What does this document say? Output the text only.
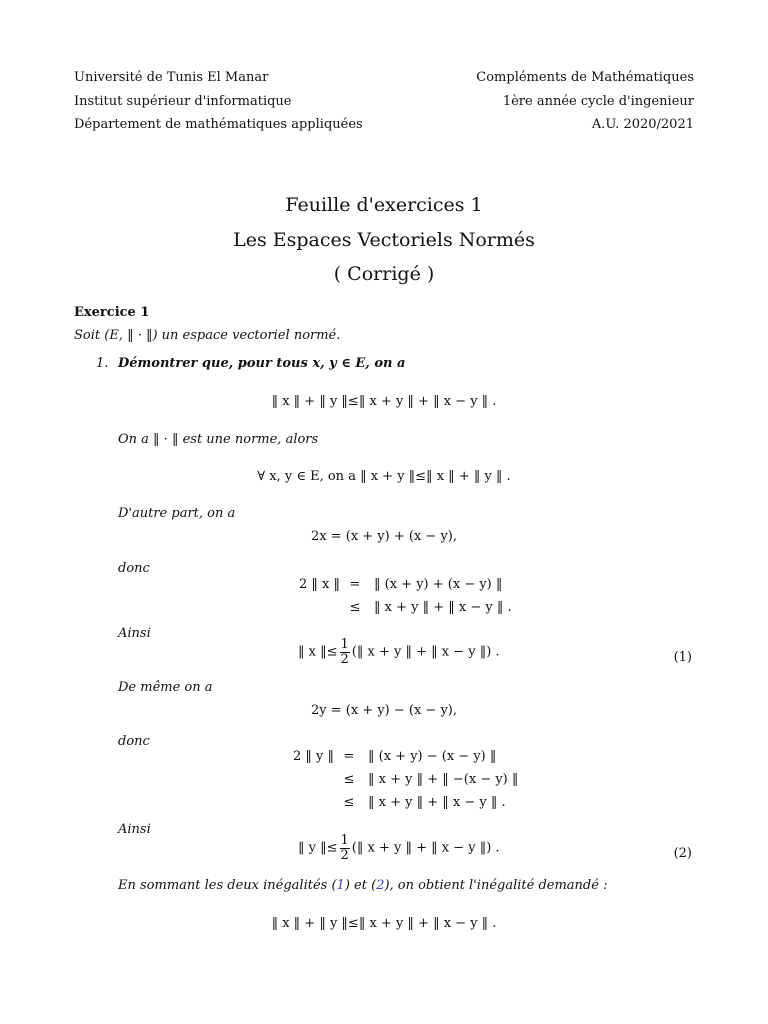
Université de Tunis El Manar
Institut supérieur d'informatique
Département de mathématiques appliquées
Compléments de Mathématiques
1ère année cycle d'ingenieur
A.U. 2020/2021
Feuille d'exercices 1
Les Espaces Vectoriels Normés
( Corrigé )
Exercice 1
Soit (E, ‖ · ‖) un espace vectoriel normé.
1. Démontrer que, pour tous x, y ∈ E, on a
‖ x ‖ + ‖ y ‖≤‖ x + y ‖ + ‖ x − y ‖ .
On a ‖ · ‖ est une norme, alors
∀ x, y ∈ E, on a ‖ x + y ‖≤‖ x ‖ + ‖ y ‖ .
D'autre part, on a
2x = (x + y) + (x − y),
donc
2 ‖ x ‖ =	‖ (x + y) + (x − y) ‖
≤	‖ x + y ‖ + ‖ x − y ‖ .
Ainsi
‖ x ‖≤ $\frac{1}{2}$ (‖ x + y ‖ + ‖ x − y ‖) .	(1)
De même on a
2y = (x + y) − (x − y),
donc
2 ‖ y ‖ =	‖ (x + y) − (x − y) ‖
≤	‖ x + y ‖ + ‖ −(x − y) ‖
≤	‖ x + y ‖ + ‖ x − y ‖ .
Ainsi
‖ y ‖≤ $\frac{1}{2}$ (‖ x + y ‖ + ‖ x − y ‖) .	(2)
En sommant les deux inégalités (1) et (2), on obtient l'inégalité demandé :
‖ x ‖ + ‖ y ‖≤‖ x + y ‖ + ‖ x − y ‖ .
